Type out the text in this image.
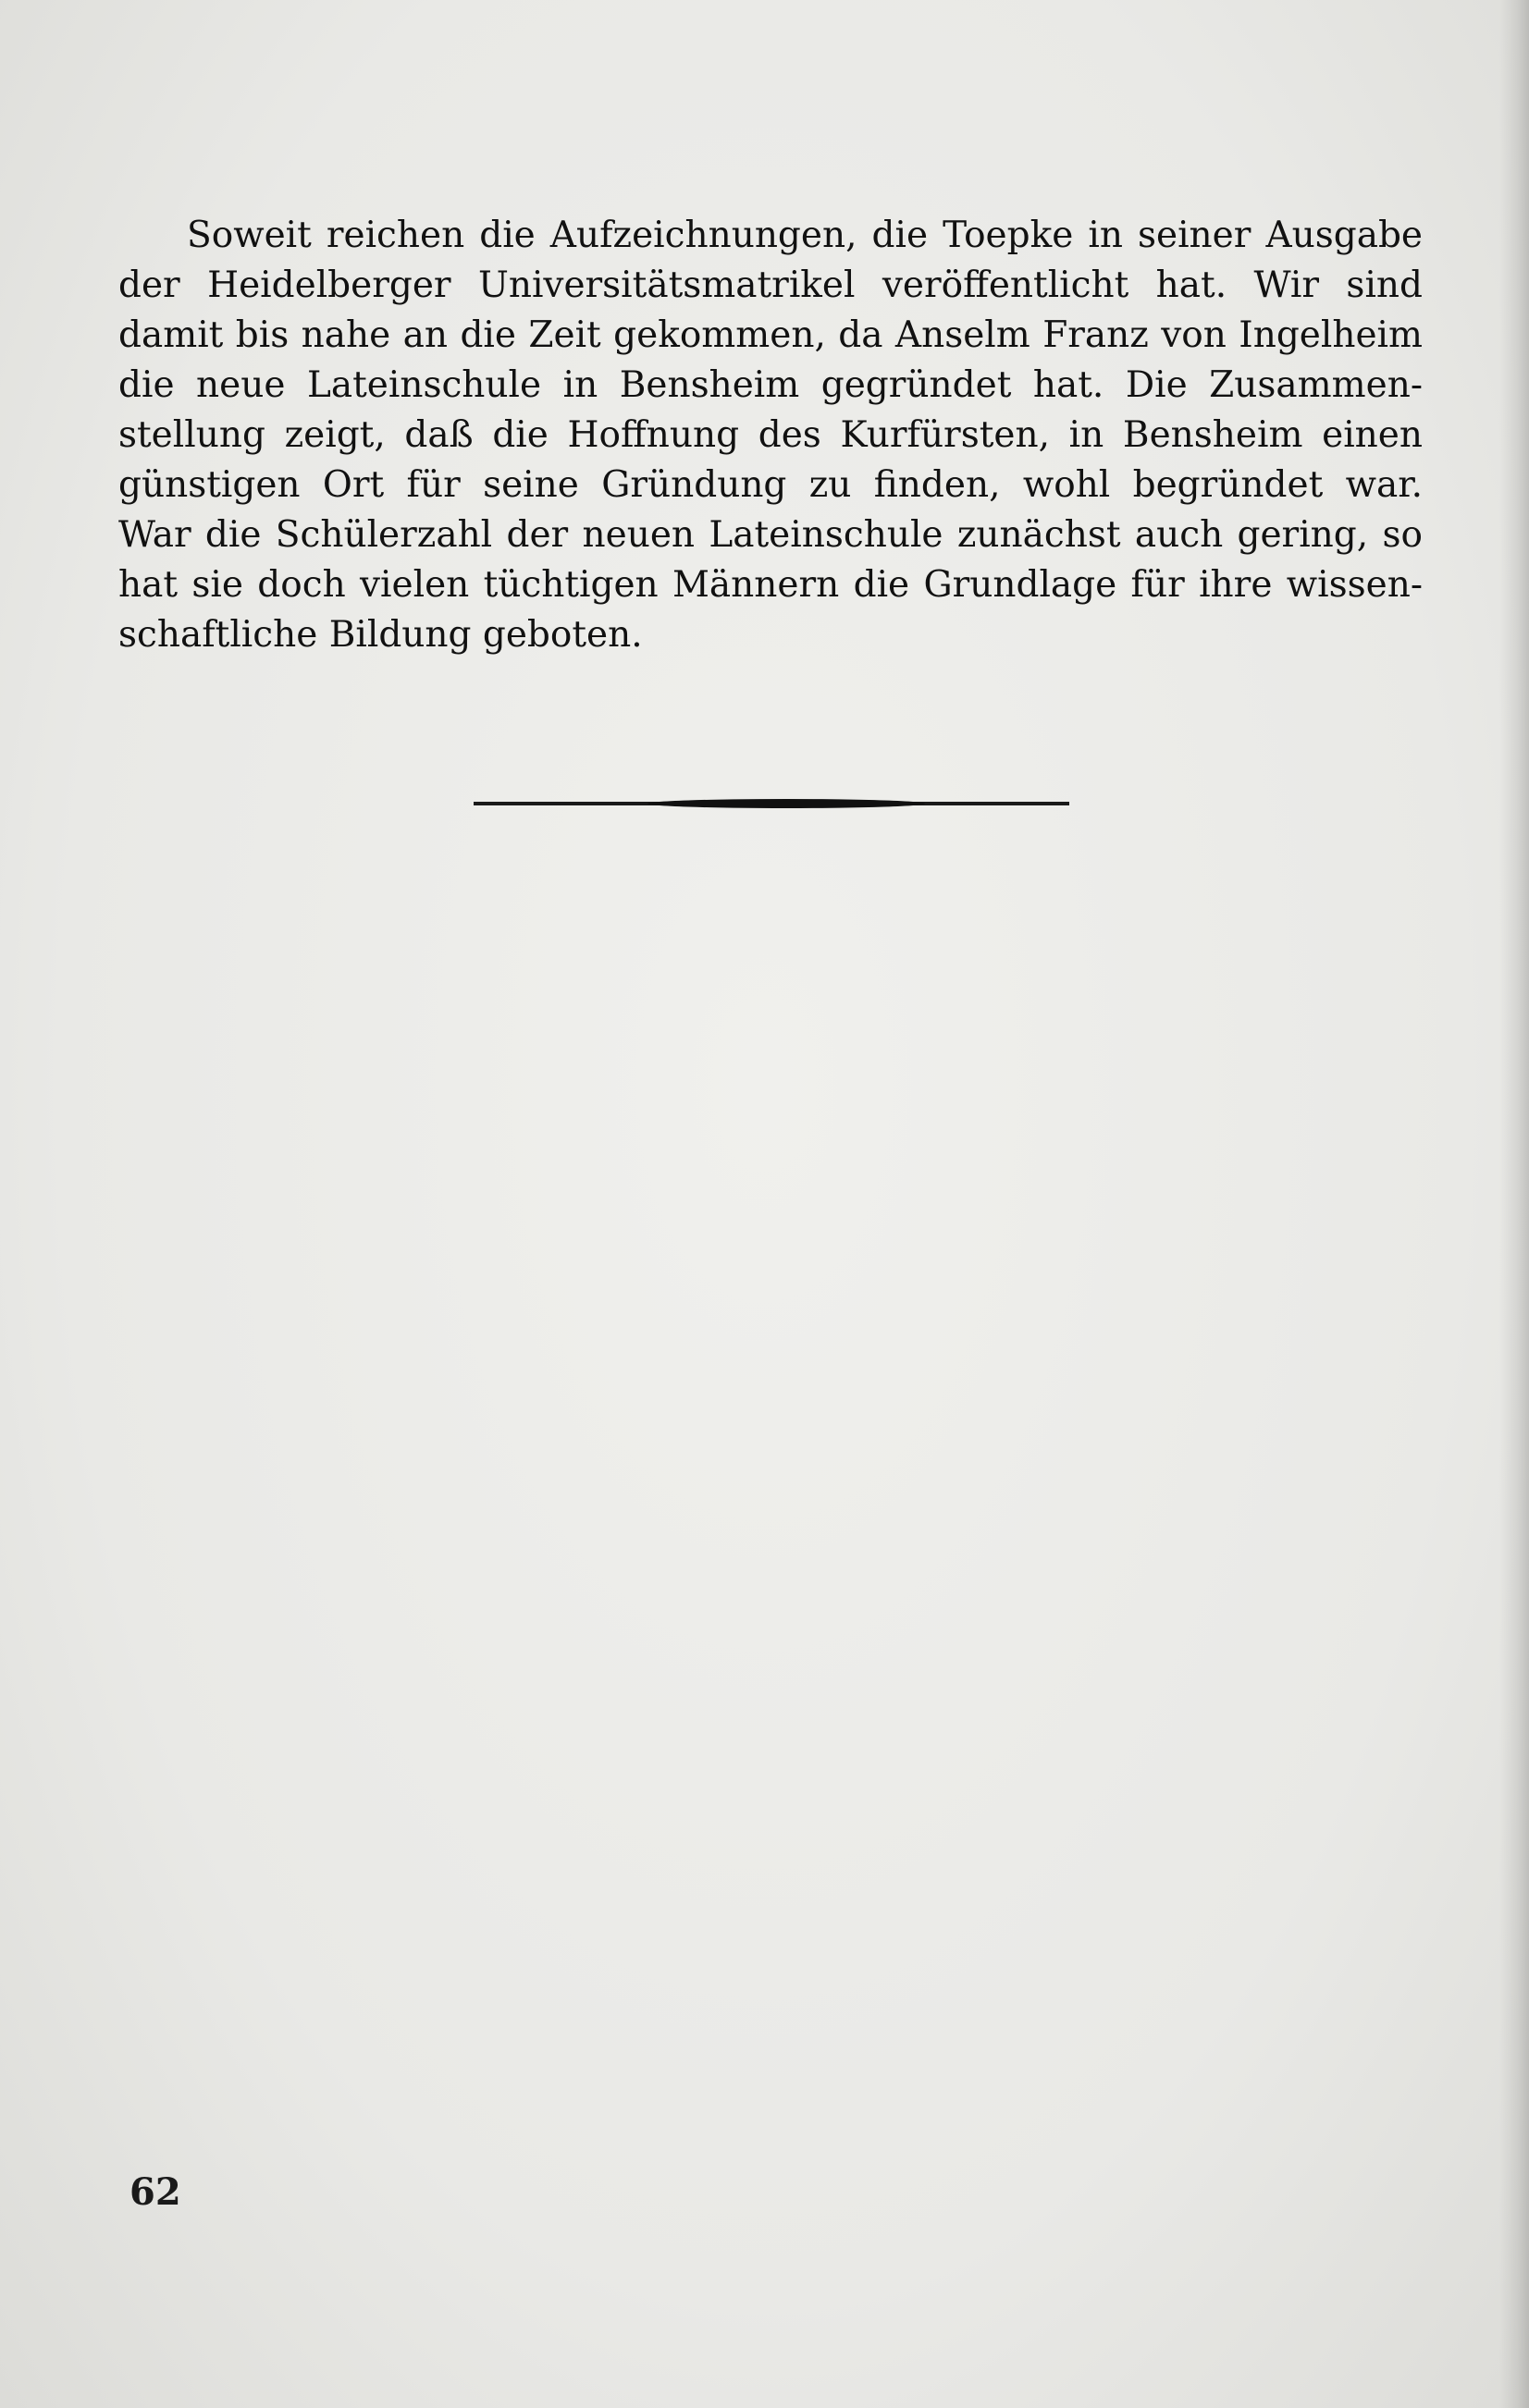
Soweit reichen die Aufzeichnungen, die Toepke in seiner Ausgabe
der Heidelberger Universitätsmatrikel veröffentlicht hat. Wir sind
damit bis nahe an die Zeit gekommen, da Anselm Franz von Ingelheim
die neue Lateinschule in Bensheim gegründet hat. Die Zusammen-
stellung zeigt, daß die Hoffnung des Kurfürsten, in Bensheim einen
günstigen Ort für seine Gründung zu finden, wohl begründet war.
War die Schülerzahl der neuen Lateinschule zunächst auch gering, so
hat sie doch vielen tüchtigen Männern die Grundlage für ihre wissen-
schaftliche Bildung geboten.
62
